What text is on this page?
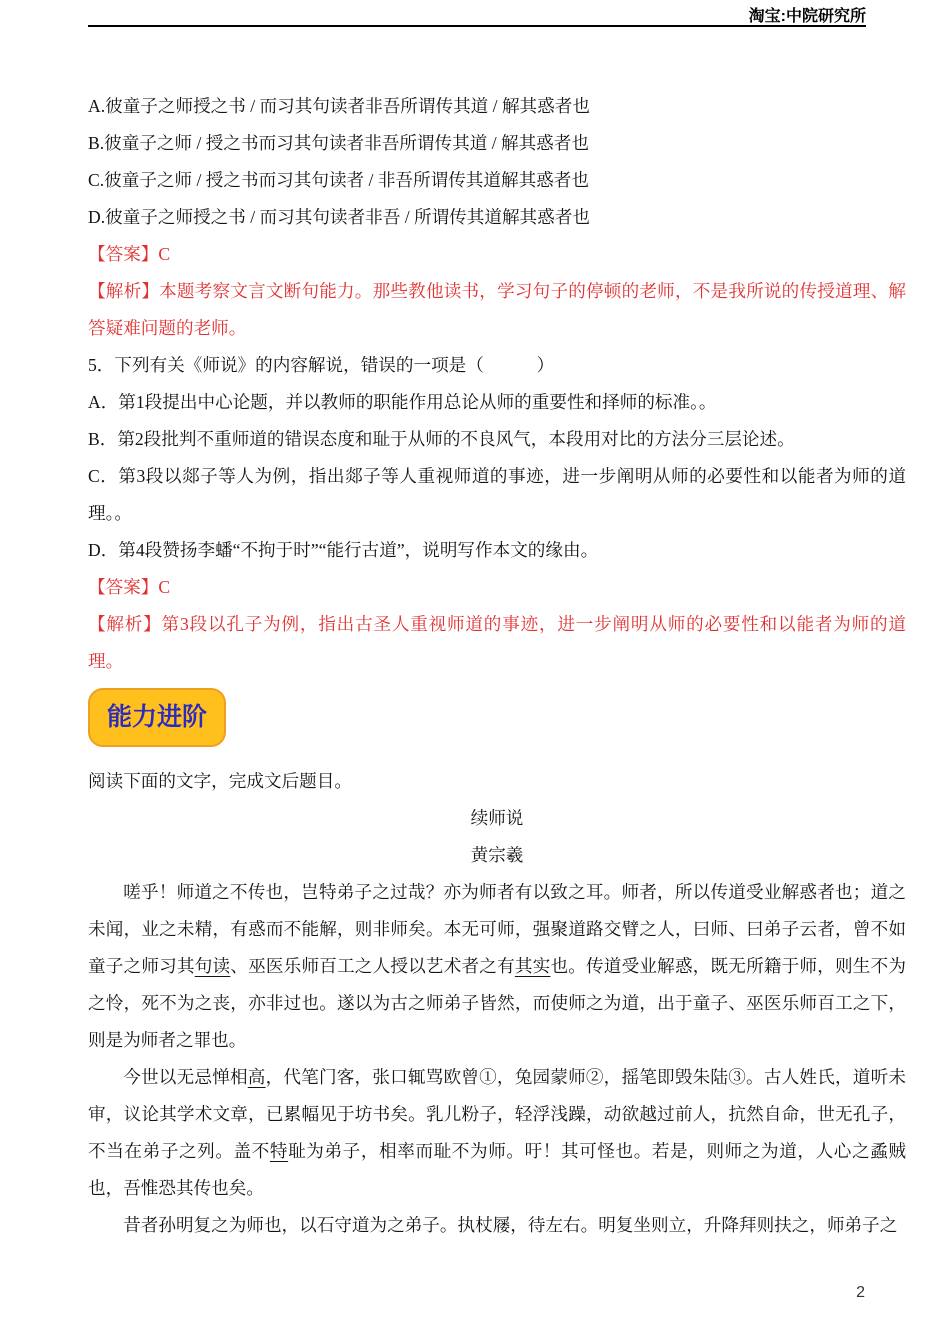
淘宝:中院研究所
A.彼童子之师授之书 / 而习其句读者非吾所谓传其道 / 解其惑者也
B.彼童子之师 / 授之书而习其句读者非吾所谓传其道 / 解其惑者也
C.彼童子之师 / 授之书而习其句读者 / 非吾所谓传其道解其惑者也
D.彼童子之师授之书 / 而习其句读者非吾 / 所谓传其道解其惑者也
【答案】C
【解析】本题考察文言文断句能力。那些教他读书，学习句子的停顿的老师，不是我所说的传授道理、解答疑难问题的老师。
5．下列有关《师说》的内容解说，错误的一项是（　　　）
A．第1段提出中心论题，并以教师的职能作用总论从师的重要性和择师的标准。。
B．第2段批判不重师道的错误态度和耻于从师的不良风气，本段用对比的方法分三层论述。
C．第3段以郯子等人为例，指出郯子等人重视师道的事迹，进一步阐明从师的必要性和以能者为师的道理。。
D．第4段赞扬李蟠“不拘于时”“能行古道”，说明写作本文的缘由。
【答案】C
【解析】第3段以孔子为例，指出古圣人重视师道的事迹，进一步阐明从师的必要性和以能者为师的道理。
能力进阶
阅读下面的文字，完成文后题目。
续师说
黄宗羲
嗟乎！师道之不传也，岂特弟子之过哉？亦为师者有以致之耳。师者，所以传道受业解惑者也；道之未闻，业之未精，有惑而不能解，则非师矣。本无可师，强聚道路交臂之人，曰师、曰弟子云者，曾不如童子之师习其句读、巫医乐师百工之人授以艺术者之有其实也。传道受业解惑，既无所籍于师，则生不为之怜，死不为之丧，亦非过也。遂以为古之师弟子皆然，而使师之为道，出于童子、巫医乐师百工之下，则是为师者之罪也。
今世以无忌惮相高，代笔门客，张口辄骂欧曾①，兔园蒙师②，摇笔即毁朱陆③。古人姓氏，道听未审，议论其学术文章，已累幅见于坊书矣。乳儿粉子，轻浮浅躁，动欲越过前人，抗然自命，世无孔子，不当在弟子之列。盖不特耻为弟子，相率而耻不为师。吁！其可怪也。若是，则师之为道，人心之蟊贼也，吾惟恐其传也矣。
昔者孙明复之为师也，以石守道为之弟子。执杖屦，待左右。明复坐则立，升降拜则扶之，师弟子之
2
